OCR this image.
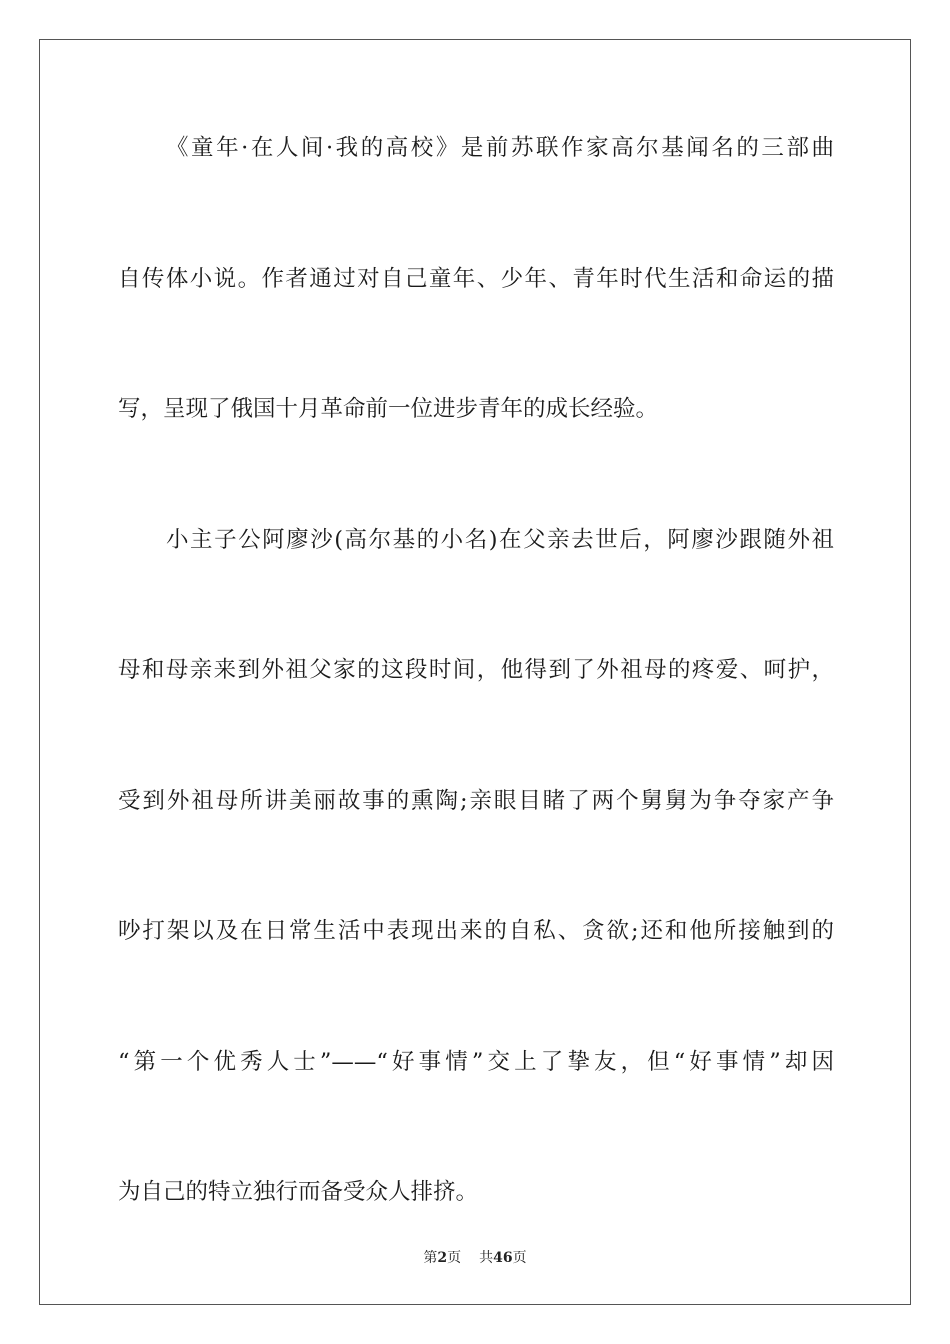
《童年·在人间·我的高校》是前苏联作家高尔基闻名的三部曲
自传体小说。作者通过对自己童年、少年、青年时代生活和命运的描
写，呈现了俄国十月革命前一位进步青年的成长经验。
小主子公阿廖沙(高尔基的小名)在父亲去世后，阿廖沙跟随外祖
母和母亲来到外祖父家的这段时间，他得到了外祖母的疼爱、呵护，
受到外祖母所讲美丽故事的熏陶;亲眼目睹了两个舅舅为争夺家产争
吵打架以及在日常生活中表现出来的自私、贪欲;还和他所接触到的
“第一个优秀人士”——“好事情”交上了挚友，但“好事情”却因
为自己的特立独行而备受众人排挤。
第2页 共46页
